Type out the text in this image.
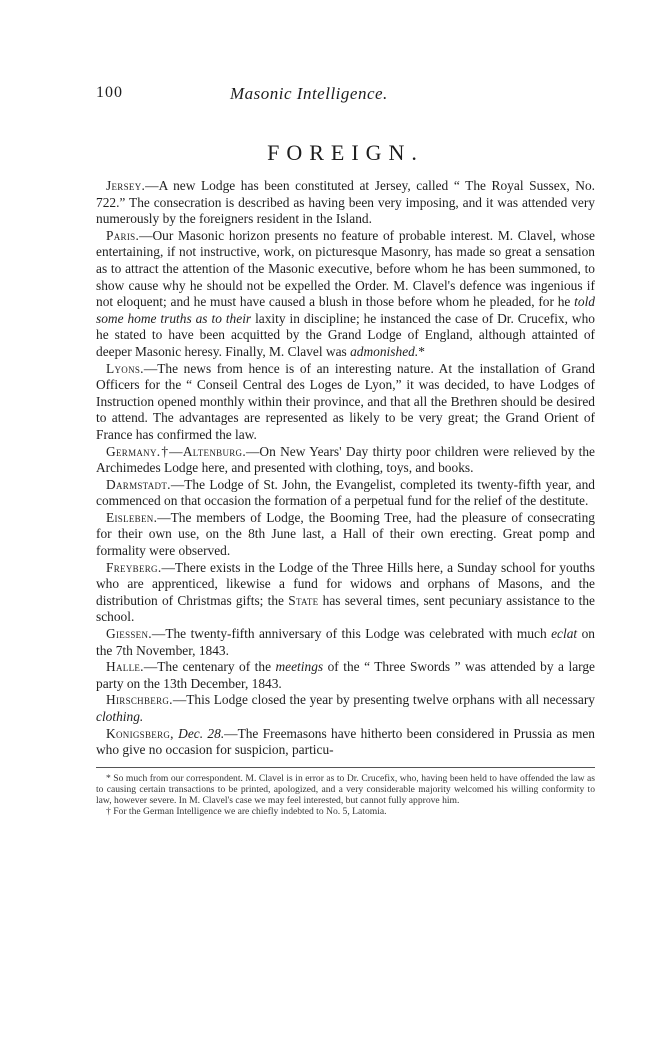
100	Masonic Intelligence.
FOREIGN.

Jersey.—A new Lodge has been constituted at Jersey, called “ The Royal Sussex, No. 722.” The consecration is described as having been very imposing, and it was attended very numerously by the foreigners resident in the Island.

Paris.—Our Masonic horizon presents no feature of probable interest. M. Clavel, whose entertaining, if not instructive, work, on picturesque Masonry, has made so great a sensation as to attract the attention of the Masonic executive, before whom he has been summoned, to show cause why he should not be expelled the Order. M. Clavel's defence was ingenious if not eloquent; and he must have caused a blush in those before whom he pleaded, for he told some home truths as to their laxity in discipline; he instanced the case of Dr. Crucefix, who he stated to have been acquitted by the Grand Lodge of England, although attainted of deeper Masonic heresy. Finally, M. Clavel was admonished.*

Lyons.—The news from hence is of an interesting nature. At the installation of Grand Officers for the “ Conseil Central des Loges de Lyon,” it was decided, to have Lodges of Instruction opened monthly within their province, and that all the Brethren should be desired to attend. The advantages are represented as likely to be very great; the Grand Orient of France has confirmed the law.

Germany.†—Altenburg.—On New Years' Day thirty poor children were relieved by the Archimedes Lodge here, and presented with clothing, toys, and books.

Darmstadt.—The Lodge of St. John, the Evangelist, completed its twenty-fifth year, and commenced on that occasion the formation of a perpetual fund for the relief of the destitute.

Eisleben.—The members of Lodge, the Booming Tree, had the pleasure of consecrating for their own use, on the 8th June last, a Hall of their own erecting. Great pomp and formality were observed.

Freyberg.—There exists in the Lodge of the Three Hills here, a Sunday school for youths who are apprenticed, likewise a fund for widows and orphans of Masons, and the distribution of Christmas gifts; the State has several times, sent pecuniary assistance to the school.

Giessen.—The twenty-fifth anniversary of this Lodge was celebrated with much eclat on the 7th November, 1843.

Halle.—The centenary of the meetings of the “ Three Swords ” was attended by a large party on the 13th December, 1843.

Hirschberg.—This Lodge closed the year by presenting twelve orphans with all necessary clothing.

Konigsberg, Dec. 28.—The Freemasons have hitherto been considered in Prussia as men who give no occasion for suspicion, particu-

* So much from our correspondent. M. Clavel is in error as to Dr. Crucefix, who, having been held to have offended the law as to causing certain transactions to be printed, apologized, and a very considerable majority welcomed his willing conformity to law, however severe. In M. Clavel's case we may feel interested, but cannot fully approve him.

† For the German Intelligence we are chiefly indebted to No. 5, Latomia.
